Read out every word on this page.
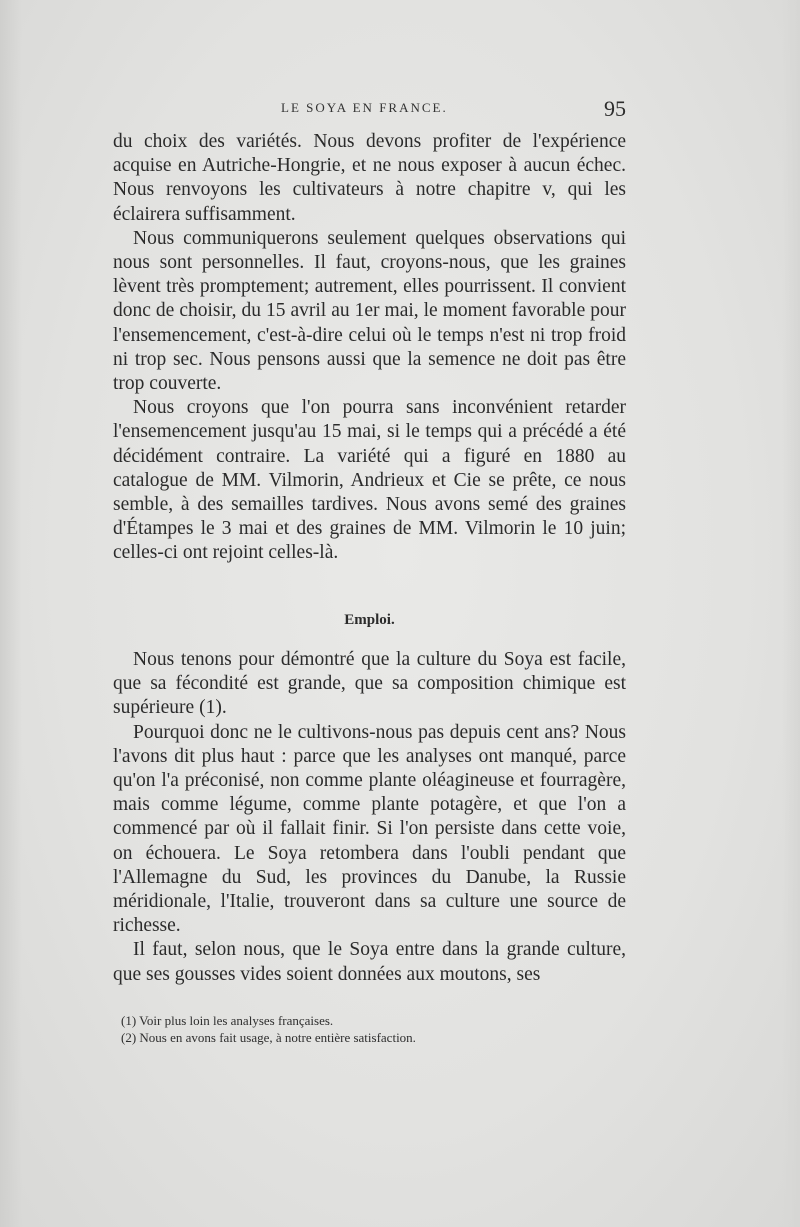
LE SOYA EN FRANCE.	95

du choix des variétés. Nous devons profiter de l'expérience acquise en Autriche-Hongrie, et ne nous exposer à aucun échec. Nous renvoyons les cultivateurs à notre chapitre v, qui les éclairera suffisamment.

Nous communiquerons seulement quelques observations qui nous sont personnelles. Il faut, croyons-nous, que les graines lèvent très promptement; autrement, elles pourrissent. Il convient donc de choisir, du 15 avril au 1er mai, le moment favorable pour l'ensemencement, c'est-à-dire celui où le temps n'est ni trop froid ni trop sec. Nous pensons aussi que la semence ne doit pas être trop couverte.

Nous croyons que l'on pourra sans inconvénient retarder l'ensemencement jusqu'au 15 mai, si le temps qui a précédé a été décidément contraire. La variété qui a figuré en 1880 au catalogue de MM. Vilmorin, Andrieux et Cie se prête, ce nous semble, à des semailles tardives. Nous avons semé des graines d'Étampes le 3 mai et des graines de MM. Vilmorin le 10 juin; celles-ci ont rejoint celles-là.

Emploi.

Nous tenons pour démontré que la culture du Soya est facile, que sa fécondité est grande, que sa composition chimique est supérieure (1).

Pourquoi donc ne le cultivons-nous pas depuis cent ans? Nous l'avons dit plus haut : parce que les analyses ont manqué, parce qu'on l'a préconisé, non comme plante oléagineuse et fourragère, mais comme légume, comme plante potagère, et que l'on a commencé par où il fallait finir. Si l'on persiste dans cette voie, on échouera. Le Soya retombera dans l'oubli pendant que l'Allemagne du Sud, les provinces du Danube, la Russie méridionale, l'Italie, trouveront dans sa culture une source de richesse.

Il faut, selon nous, que le Soya entre dans la grande culture, que ses gousses vides soient données aux moutons, ses

(1) Voir plus loin les analyses françaises.
(2) Nous en avons fait usage, à notre entière satisfaction.
